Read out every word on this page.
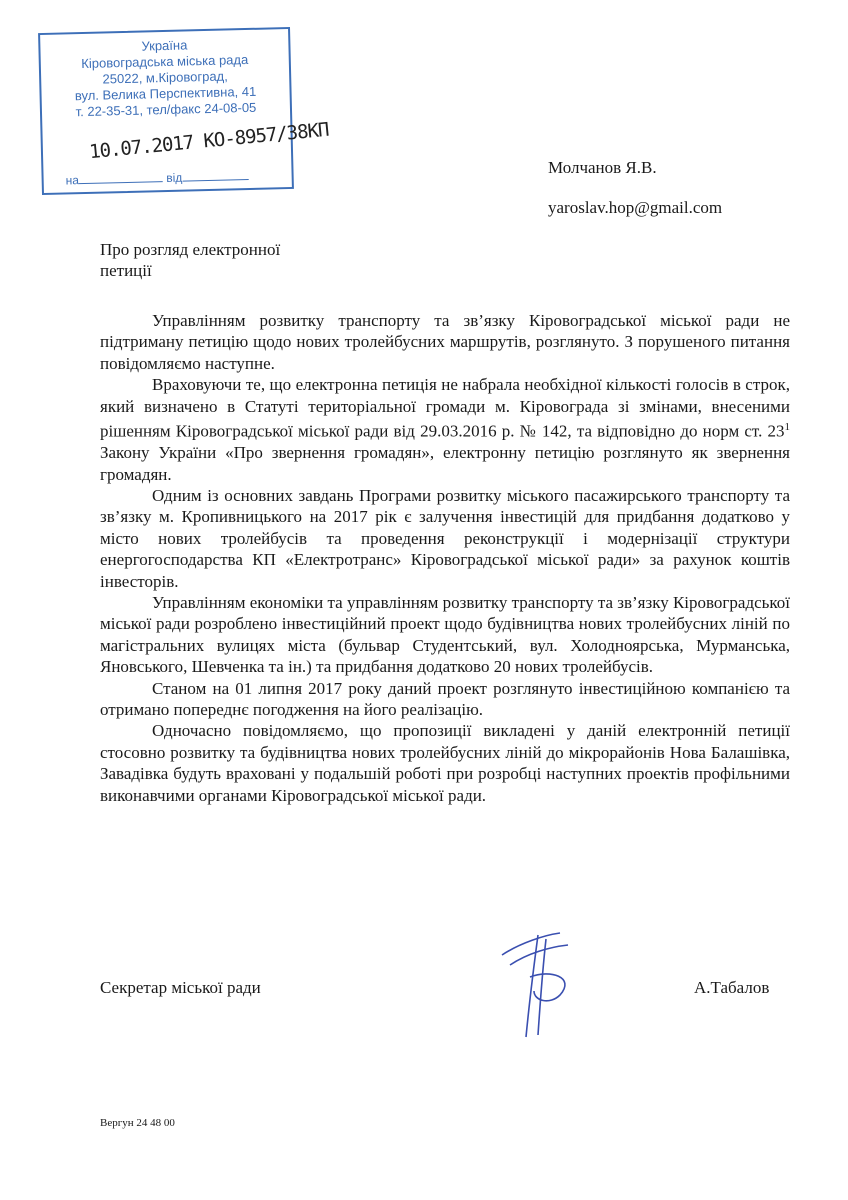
Україна
Кіровоградська міська рада
25022, м.Кіровоград,
вул. Велика Перспективна, 41
т. 22-35-31, тел/факс 24-08-05
10.07.2017 КО-8957/38КП
на	від
Молчанов Я.В.
yaroslav.hop@gmail.com
Про розгляд електронної
петиції

Управлінням розвитку транспорту та зв’язку Кіровоградської міської ради не підтриману петицію щодо нових тролейбусних маршрутів, розглянуто. З порушеного питання повідомляємо наступне.

Враховуючи те, що електронна петиція не набрала необхідної кількості голосів в строк, який визначено в Статуті територіальної громади м. Кіровограда зі змінами, внесеними рішенням Кіровоградської міської ради від 29.03.2016 р. № 142, та відповідно до норм ст. $23^1$ Закону України «Про звернення громадян», електронну петицію розглянуто як звернення громадян.

Одним із основних завдань Програми розвитку міського пасажирського транспорту та зв’язку м. Кропивницького на 2017 рік є залучення інвестицій для придбання додатково у місто нових тролейбусів та проведення реконструкції і модернізації структури енергогосподарства КП «Електротранс» Кіровоградської міської ради» за рахунок коштів інвесторів.

Управлінням економіки та управлінням розвитку транспорту та зв’язку Кіровоградської міської ради розроблено інвестиційний проект щодо будівництва нових тролейбусних ліній по магістральних вулицях міста (бульвар Студентський, вул. Холодноярська, Мурманська, Яновського, Шевченка та ін.) та придбання додатково 20 нових тролейбусів.

Станом на 01 липня 2017 року даний проект розглянуто інвестиційною компанією та отримано попереднє погодження на його реалізацію.

Одночасно повідомляємо, що пропозиції викладені у даній електронній петиції стосовно розвитку та будівництва нових тролейбусних ліній до мікрорайонів Нова Балашівка, Завадівка будуть враховані у подальшій роботі при розробці наступних проектів профільними виконавчими органами Кіровоградської міської ради.

Секретар міської ради	А.Табалов
Вергун 24 48 00
